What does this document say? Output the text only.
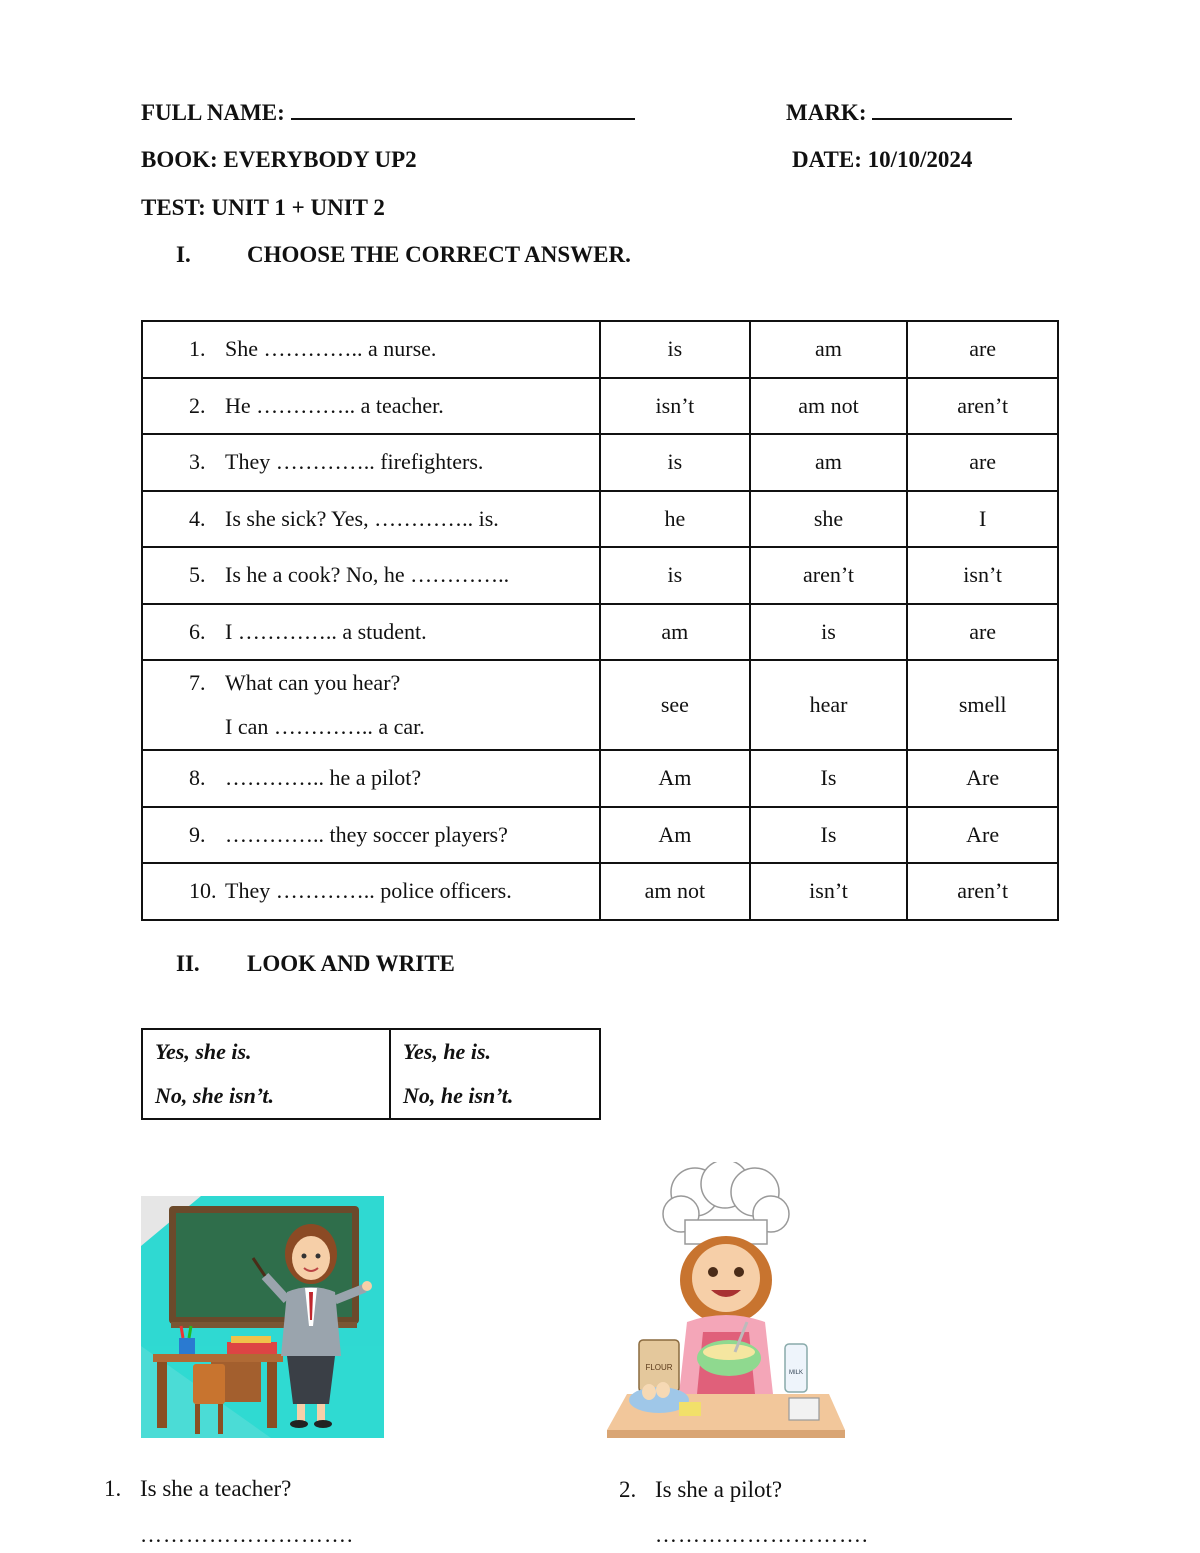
FULL NAME:	MARK:
BOOK: EVERYBODY UP2	DATE: 10/10/2024
TEST: UNIT 1 + UNIT 2
I. CHOOSE THE CORRECT ANSWER.
1. She ………….. a nurse.	is	am	are

2. He ………….. a teacher.	isn’t	am not	aren’t

3. They ………….. firefighters.	is	am	are

4. Is she sick? Yes, ………….. is.	he	she	I

5. Is he a cook? No, he …………..	is	aren’t	isn’t

6. I ………….. a student.	am	is	are

7. What can you hear?
I can ………….. a car.	see	hear	smell

8. ………….. he a pilot?	Am	Is	Are

9. ………….. they soccer players?	Am	Is	Are

10. They ………….. police officers.	am not	isn’t	aren’t
II. LOOK AND WRITE
Yes, she is.
No, she isn’t.

Yes, he is.
No, he isn’t.
FLOUR
MILK
1. Is she a teacher?
……………………….
2. Is she a pilot?
……………………….
